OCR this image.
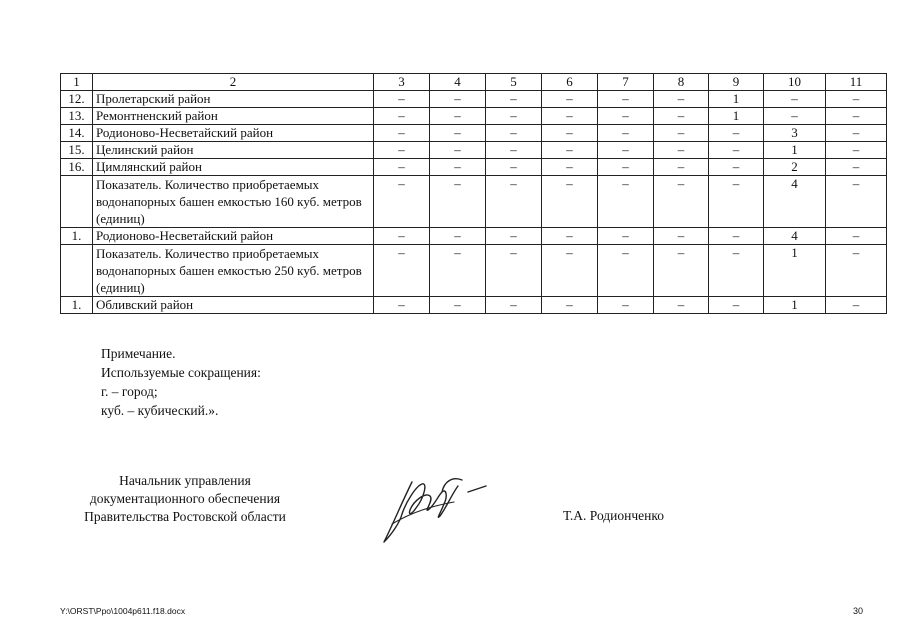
1	2	3	4	5	6	7	8	9	10	11
12.	Пролетарский район	–	–	–	–	–	–	1	–	–
13.	Ремонтненский район	–	–	–	–	–	–	1	–	–
14.	Родионово-Несветайский район	–	–	–	–	–	–	–	3	–
15.	Целинский район	–	–	–	–	–	–	–	1	–
16.	Цимлянский район	–	–	–	–	–	–	–	2	–
	Показатель. Количество приобретаемых водонапорных башен емкостью 160 куб. метров (единиц)	–	–	–	–	–	–	–	4	–
1.	Родионово-Несветайский район	–	–	–	–	–	–	–	4	–
	Показатель. Количество приобретаемых водонапорных башен емкостью 250 куб. метров (единиц)	–	–	–	–	–	–	–	1	–
1.	Обливский район	–	–	–	–	–	–	–	1	–
Примечание.
Используемые сокращения:
г. – город;
куб. – кубический.».
Начальник управления
документационного обеспечения
Правительства Ростовской области	Т.А. Родионченко
Y:\ORST\Ppo\1004p611.f18.docx	30
